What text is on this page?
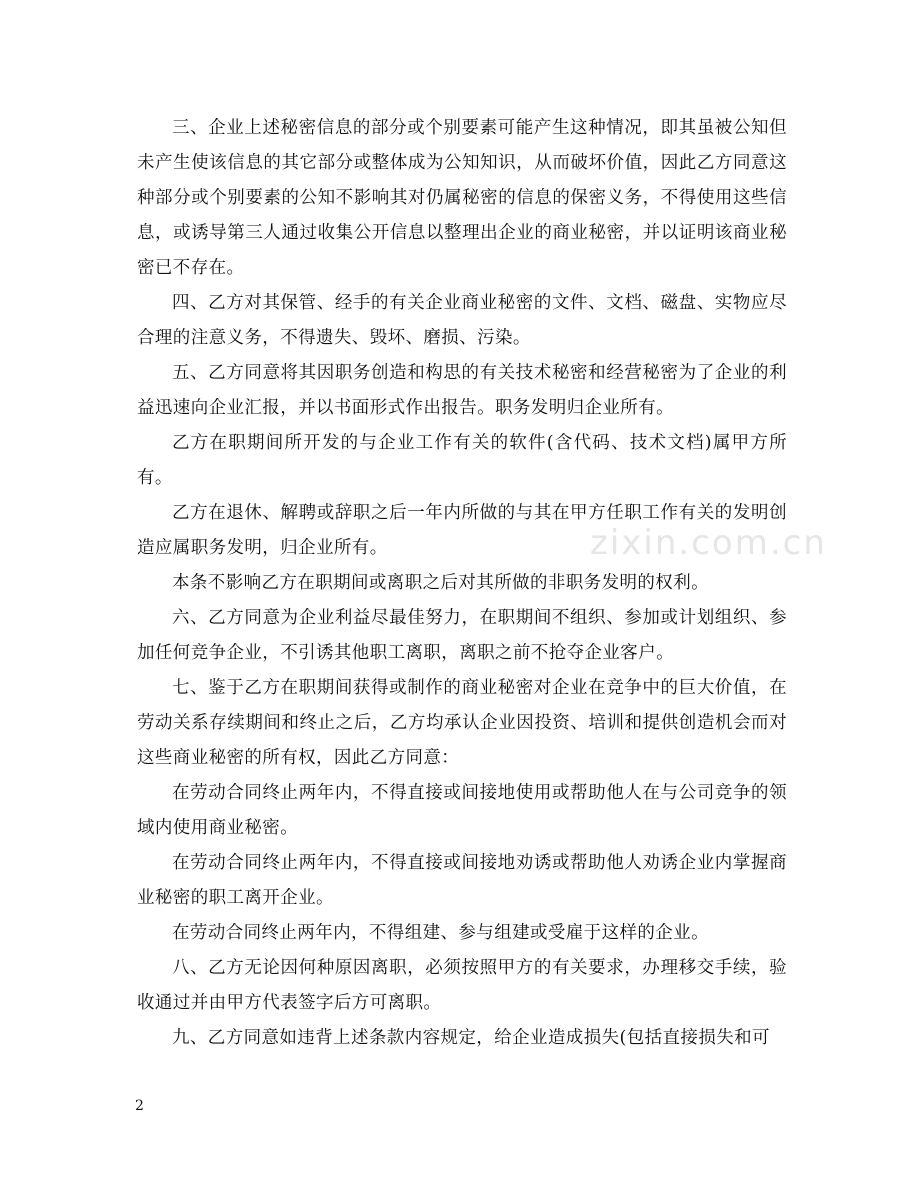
三、企业上述秘密信息的部分或个别要素可能产生这种情况，即其虽被公知但未产生使该信息的其它部分或整体成为公知知识，从而破坏价值，因此乙方同意这种部分或个别要素的公知不影响其对仍属秘密的信息的保密义务，不得使用这些信息，或诱导第三人通过收集公开信息以整理出企业的商业秘密，并以证明该商业秘密已不存在。

四、乙方对其保管、经手的有关企业商业秘密的文件、文档、磁盘、实物应尽合理的注意义务，不得遗失、毁坏、磨损、污染。

五、乙方同意将其因职务创造和构思的有关技术秘密和经营秘密为了企业的利益迅速向企业汇报，并以书面形式作出报告。职务发明归企业所有。

乙方在职期间所开发的与企业工作有关的软件(含代码、技术文档)属甲方所有。

乙方在退休、解聘或辞职之后一年内所做的与其在甲方任职工作有关的发明创造应属职务发明，归企业所有。

本条不影响乙方在职期间或离职之后对其所做的非职务发明的权利。

六、乙方同意为企业利益尽最佳努力，在职期间不组织、参加或计划组织、参加任何竞争企业，不引诱其他职工离职，离职之前不抢夺企业客户。

七、鉴于乙方在职期间获得或制作的商业秘密对企业在竞争中的巨大价值，在劳动关系存续期间和终止之后，乙方均承认企业因投资、培训和提供创造机会而对这些商业秘密的所有权，因此乙方同意：

在劳动合同终止两年内，不得直接或间接地使用或帮助他人在与公司竞争的领域内使用商业秘密。

在劳动合同终止两年内，不得直接或间接地劝诱或帮助他人劝诱企业内掌握商业秘密的职工离开企业。

在劳动合同终止两年内，不得组建、参与组建或受雇于这样的企业。

八、乙方无论因何种原因离职，必须按照甲方的有关要求，办理移交手续，验收通过并由甲方代表签字后方可离职。

九、乙方同意如违背上述条款内容规定，给企业造成损失(包括直接损失和可

zixin.com.cn
2
